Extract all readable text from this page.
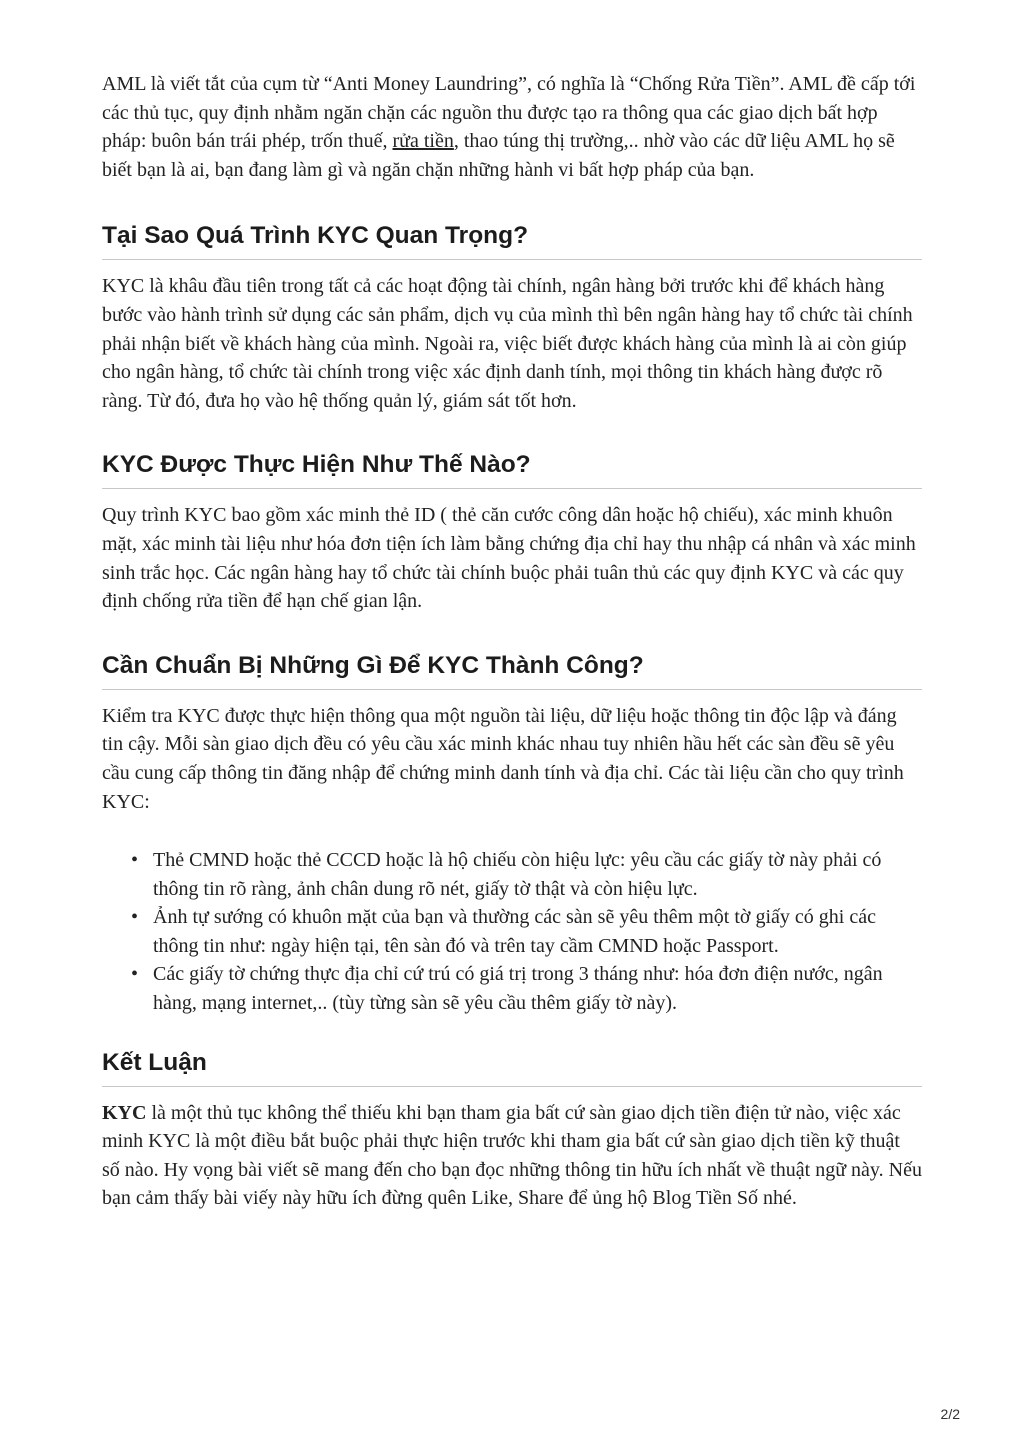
AML là viết tắt của cụm từ “Anti Money Laundring”, có nghĩa là “Chống Rửa Tiền”. AML đề cấp tới các thủ tục, quy định nhằm ngăn chặn các nguồn thu được tạo ra thông qua các giao dịch bất hợp pháp: buôn bán trái phép, trốn thuế, rửa tiền, thao túng thị trường,.. nhờ vào các dữ liệu AML họ sẽ biết bạn là ai, bạn đang làm gì và ngăn chặn những hành vi bất hợp pháp của bạn.

Tại Sao Quá Trình KYC Quan Trọng?

KYC là khâu đầu tiên trong tất cả các hoạt động tài chính, ngân hàng bởi trước khi để khách hàng bước vào hành trình sử dụng các sản phẩm, dịch vụ của mình thì bên ngân hàng hay tổ chức tài chính phải nhận biết về khách hàng của mình. Ngoài ra, việc biết được khách hàng của mình là ai còn giúp cho ngân hàng, tổ chức tài chính trong việc xác định danh tính, mọi thông tin khách hàng được rõ ràng. Từ đó, đưa họ vào hệ thống quản lý, giám sát tốt hơn.

KYC Được Thực Hiện Như Thế Nào?

Quy trình KYC bao gồm xác minh thẻ ID ( thẻ căn cước công dân hoặc hộ chiếu), xác minh khuôn mặt, xác minh tài liệu như hóa đơn tiện ích làm bằng chứng địa chỉ hay thu nhập cá nhân và xác minh sinh trắc học. Các ngân hàng hay tổ chức tài chính buộc phải tuân thủ các quy định KYC và các quy định chống rửa tiền để hạn chế gian lận.

Cần Chuẩn Bị Những Gì Để KYC Thành Công?

Kiểm tra KYC được thực hiện thông qua một nguồn tài liệu, dữ liệu hoặc thông tin độc lập và đáng tin cậy. Mỗi sàn giao dịch đều có yêu cầu xác minh khác nhau tuy nhiên hầu hết các sàn đều sẽ yêu cầu cung cấp thông tin đăng nhập để chứng minh danh tính và địa chỉ. Các tài liệu cần cho quy trình KYC:

• Thẻ CMND hoặc thẻ CCCD hoặc là hộ chiếu còn hiệu lực: yêu cầu các giấy tờ này phải có thông tin rõ ràng, ảnh chân dung rõ nét, giấy tờ thật và còn hiệu lực.
• Ảnh tự sướng có khuôn mặt của bạn và thường các sàn sẽ yêu thêm một tờ giấy có ghi các thông tin như: ngày hiện tại, tên sàn đó và trên tay cầm CMND hoặc Passport.
• Các giấy tờ chứng thực địa chỉ cứ trú có giá trị trong 3 tháng như: hóa đơn điện nước, ngân hàng, mạng internet,.. (tùy từng sàn sẽ yêu cầu thêm giấy tờ này).
Kết Luận

KYC là một thủ tục không thể thiếu khi bạn tham gia bất cứ sàn giao dịch tiền điện tử nào, việc xác minh KYC là một điều bắt buộc phải thực hiện trước khi tham gia bất cứ sàn giao dịch tiền kỹ thuật số nào. Hy vọng bài viết sẽ mang đến cho bạn đọc những thông tin hữu ích nhất về thuật ngữ này. Nếu bạn cảm thấy bài viếy này hữu ích đừng quên Like, Share để ủng hộ Blog Tiền Số nhé.

2/2
